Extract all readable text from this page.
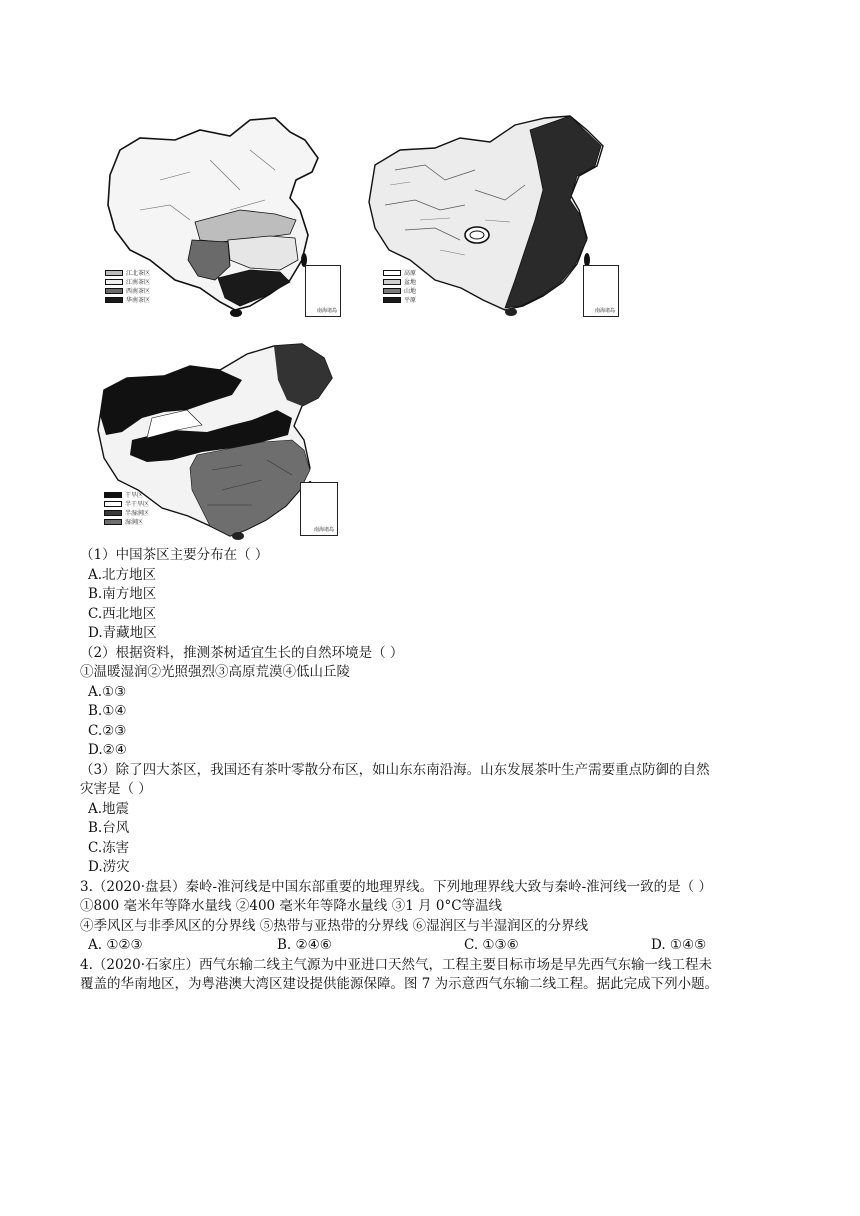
江北茶区
江南茶区
西南茶区
华南茶区
南海诸岛
高原
盆地
山地
平原
南海诸岛
干旱区
半干旱区
半湿润区
湿润区
南海诸岛
（1）中国茶区主要分布在（ ）
A.北方地区
B.南方地区
C.西北地区
D.青藏地区
（2）根据资料，推测茶树适宜生长的自然环境是（ ）
①温暖湿润②光照强烈③高原荒漠④低山丘陵
A.①③
B.①④
C.②③
D.②④
（3）除了四大茶区，我国还有茶叶零散分布区，如山东东南沿海。山东发展茶叶生产需要重点防御的自然
灾害是（ ）
A.地震
B.台风
C.冻害
D.涝灾
3.（2020·盘县）秦岭-淮河线是中国东部重要的地理界线。下列地理界线大致与秦岭-淮河线一致的是（ ）
①800 毫米年等降水量线 ②400 毫米年等降水量线 ③1 月 0°C等温线
④季风区与非季风区的分界线 ⑤热带与亚热带的分界线 ⑥湿润区与半湿润区的分界线
A. ①②③	B. ②④⑥	C. ①③⑥	D. ①④⑤
4.（2020·石家庄）西气东输二线主气源为中亚进口天然气，工程主要目标市场是早先西气东输一线工程未
覆盖的华南地区，为粤港澳大湾区建设提供能源保障。图 7 为示意西气东输二线工程。据此完成下列小题。
